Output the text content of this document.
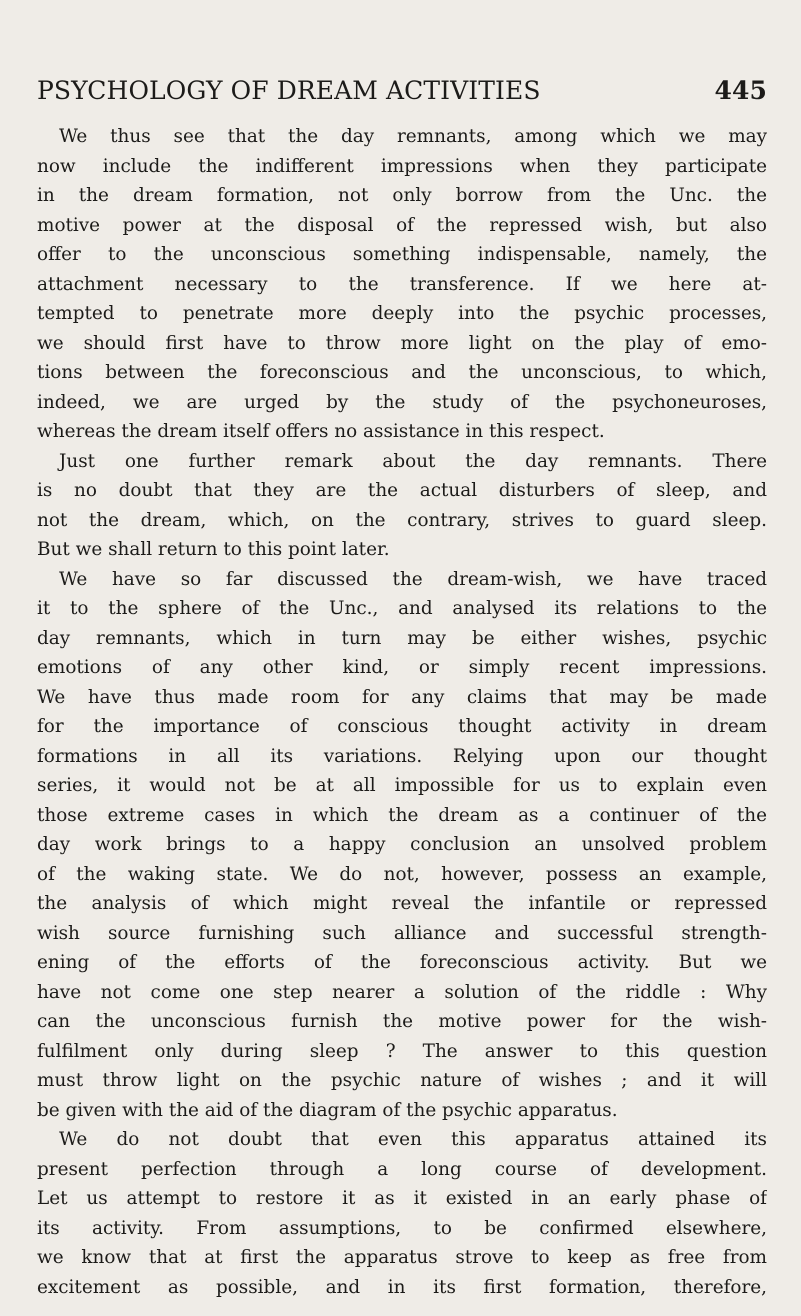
PSYCHOLOGY OF DREAM ACTIVITIES	445

We thus see that the day remnants, among which we may
now include the indifferent impressions when they participate
in the dream formation, not only borrow from the Unc. the
motive power at the disposal of the repressed wish, but also
offer to the unconscious something indispensable, namely, the
attachment necessary to the transference. If we here at-
tempted to penetrate more deeply into the psychic processes,
we should first have to throw more light on the play of emo-
tions between the foreconscious and the unconscious, to which,
indeed, we are urged by the study of the psychoneuroses,
whereas the dream itself offers no assistance in this respect.

Just one further remark about the day remnants. There
is no doubt that they are the actual disturbers of sleep, and
not the dream, which, on the contrary, strives to guard sleep.
But we shall return to this point later.

We have so far discussed the dream-wish, we have traced
it to the sphere of the Unc., and analysed its relations to the
day remnants, which in turn may be either wishes, psychic
emotions of any other kind, or simply recent impressions.
We have thus made room for any claims that may be made
for the importance of conscious thought activity in dream
formations in all its variations. Relying upon our thought
series, it would not be at all impossible for us to explain even
those extreme cases in which the dream as a continuer of the
day work brings to a happy conclusion an unsolved problem
of the waking state. We do not, however, possess an example,
the analysis of which might reveal the infantile or repressed
wish source furnishing such alliance and successful strength-
ening of the efforts of the foreconscious activity. But we
have not come one step nearer a solution of the riddle : Why
can the unconscious furnish the motive power for the wish-
fulfilment only during sleep ? The answer to this question
must throw light on the psychic nature of wishes ; and it will
be given with the aid of the diagram of the psychic apparatus.

We do not doubt that even this apparatus attained its
present perfection through a long course of development.
Let us attempt to restore it as it existed in an early phase of
its activity. From assumptions, to be confirmed elsewhere,
we know that at first the apparatus strove to keep as free from
excitement as possible, and in its first formation, therefore,
